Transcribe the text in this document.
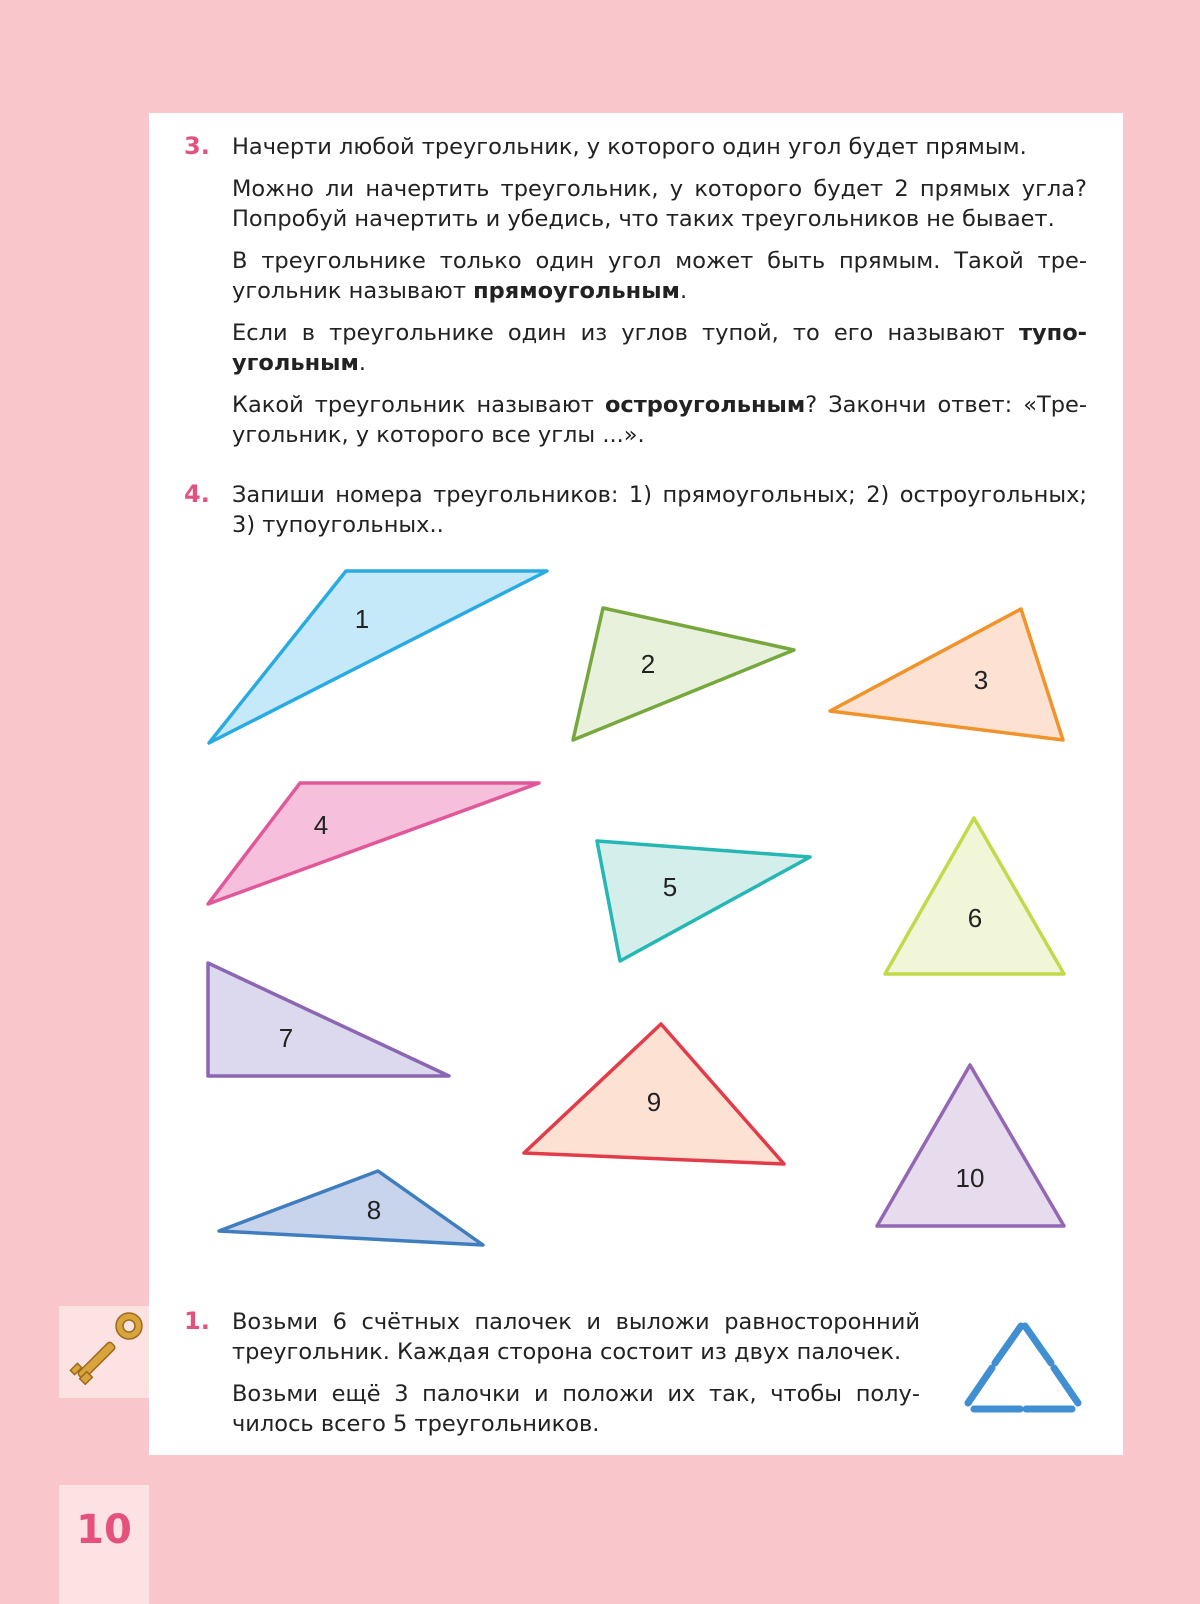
3. Начерти любой треугольник, у которого один угол будет прямым.
Можно ли начертить треугольник, у которого будет 2 прямых угла? Попробуй начертить и убедись, что таких треугольников не бывает.
В треугольнике только один угол может быть прямым. Такой треугольник называют прямоугольным.
Если в треугольнике один из углов тупой, то его называют тупоугольным.
Какой треугольник называют остроугольным? Закончи ответ: «Треугольник, у которого все углы ...».
4. Запиши номера треугольников: 1) прямоугольных; 2) остроугольных; 3) тупоугольных..
1
2
3
4
5
6
7
8
9
10
1. Возьми 6 счётных палочек и выложи равносторонний треугольник. Каждая сторона состоит из двух палочек.
Возьми ещё 3 палочки и положи их так, чтобы получилось всего 5 треугольников.
10
